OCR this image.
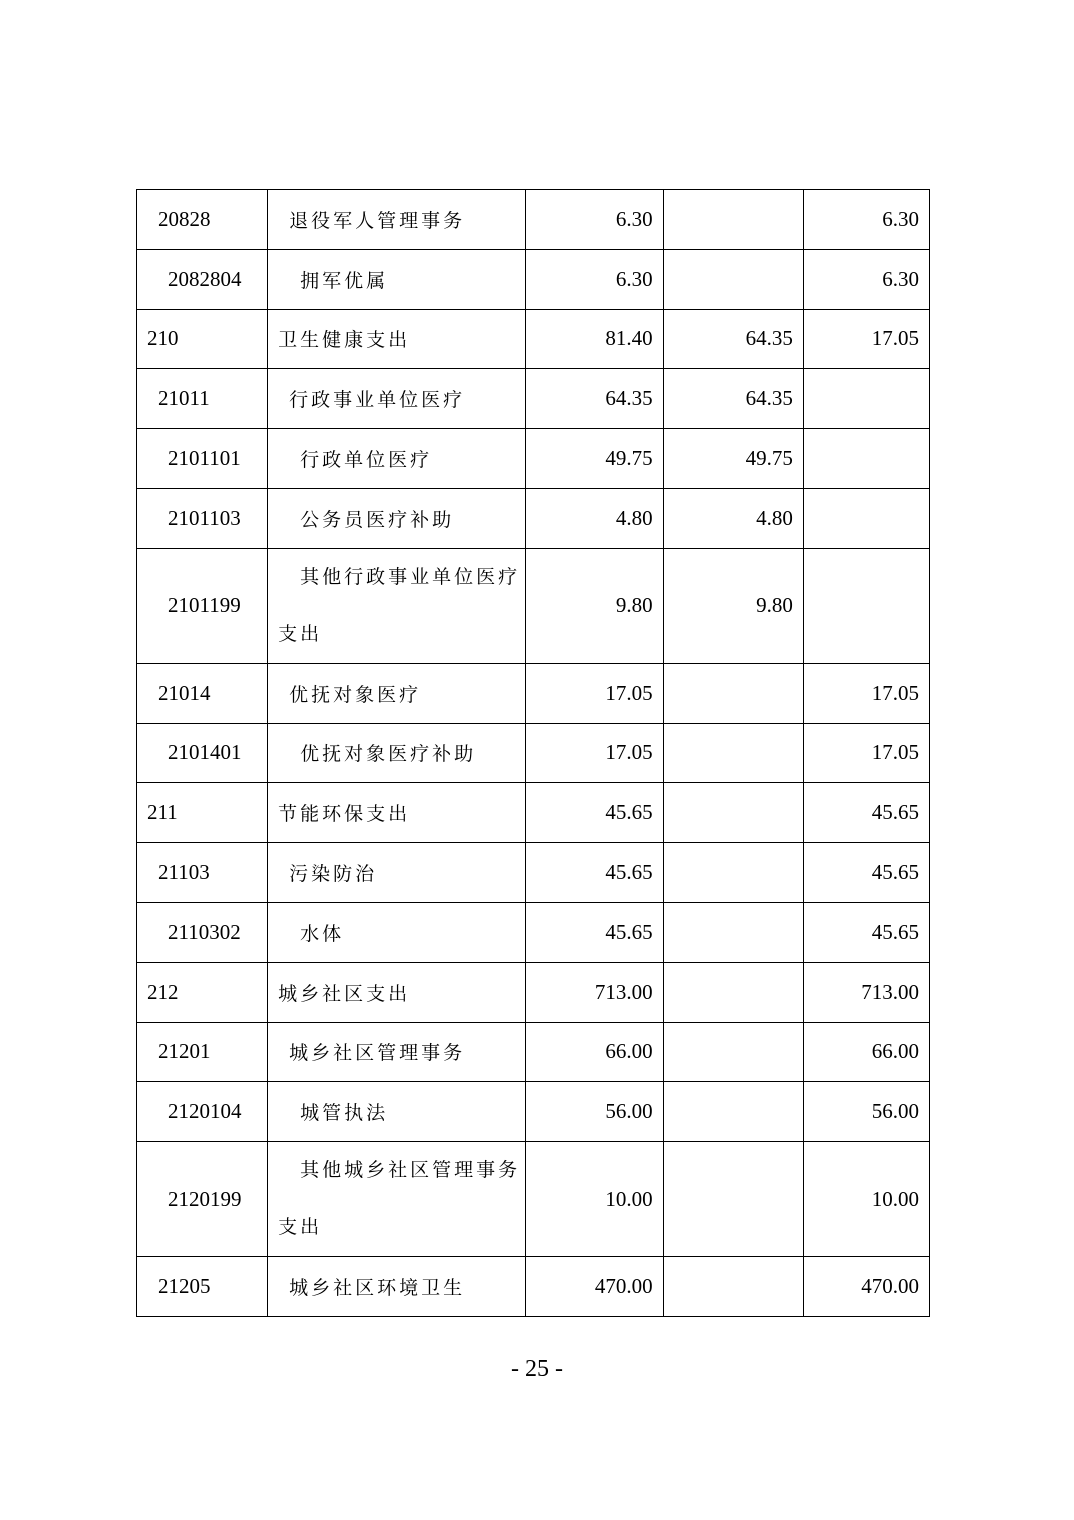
20828	退役军人管理事务	6.30		6.30
2082804	拥军优属	6.30		6.30
210	卫生健康支出	81.40	64.35	17.05
21011	行政事业单位医疗	64.35	64.35	
2101101	行政单位医疗	49.75	49.75	
2101103	公务员医疗补助	4.80	4.80	
2101199	其他行政事业单位医疗
支出	9.80	9.80	
21014	优抚对象医疗	17.05		17.05
2101401	优抚对象医疗补助	17.05		17.05
211	节能环保支出	45.65		45.65
21103	污染防治	45.65		45.65
2110302	水体	45.65		45.65
212	城乡社区支出	713.00		713.00
21201	城乡社区管理事务	66.00		66.00
2120104	城管执法	56.00		56.00
2120199	其他城乡社区管理事务
支出	10.00		10.00
21205	城乡社区环境卫生	470.00		470.00
- 25 -
